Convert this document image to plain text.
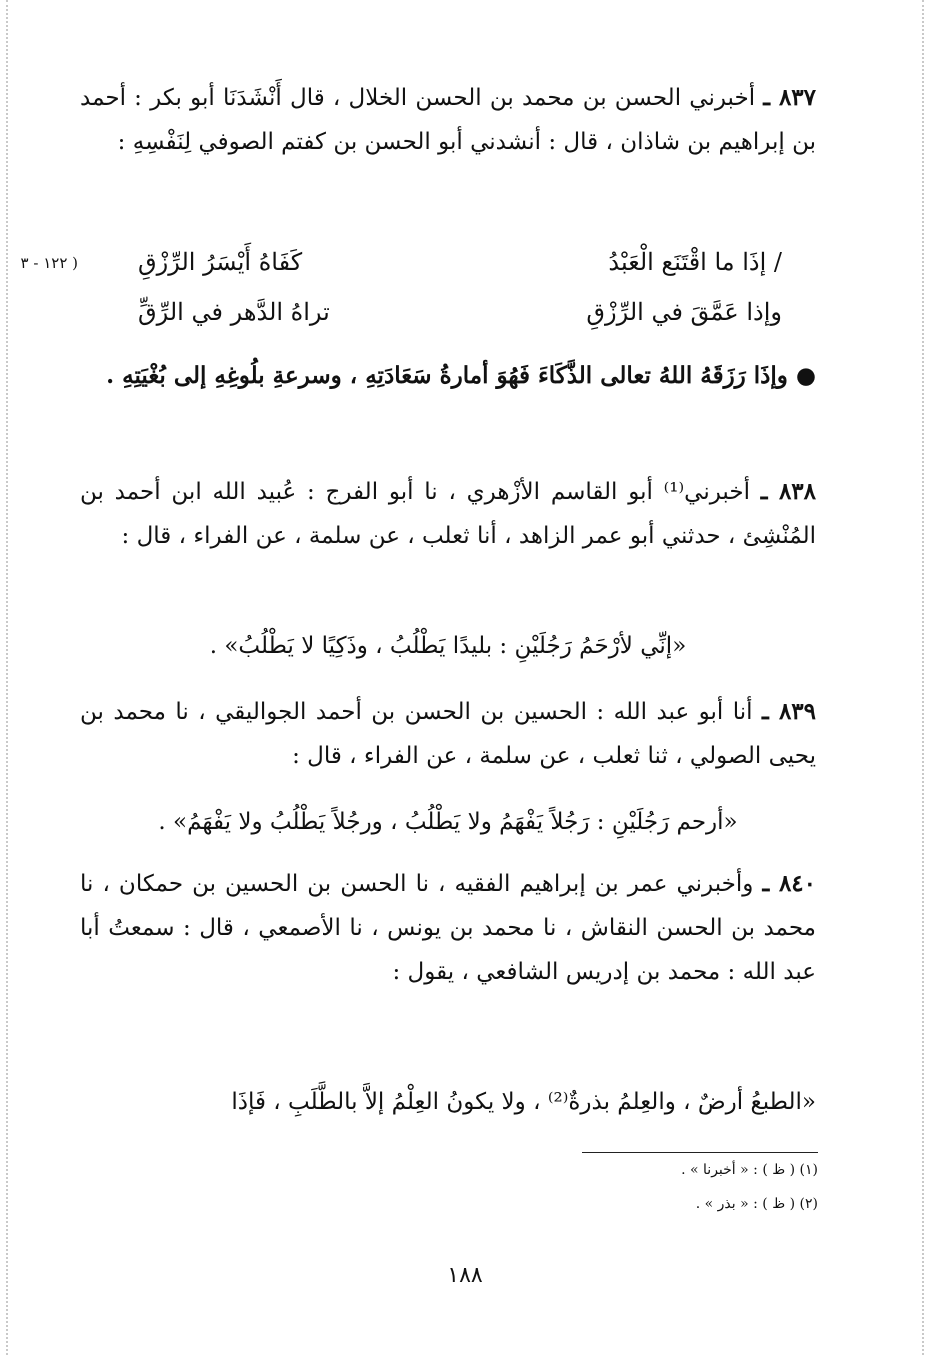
( ١٢٢ - ٣

٨٣٧ ـ أخبرني الحسن بن محمد بن الحسن الخلال ، قال أَنْشَدَنَا أبو بكر : أحمد بن إبراهيم بن شاذان ، قال : أنشدني أبو الحسن بن كفتم الصوفي لِنَفْسِهِ :

/ إذَا ما اقْتَنَع الْعَبْدُ
كَفَاهُ أَيْسَرُ الرِّزْقِ
وإذا عَمَّقَ في الرِّزْقِ
تراهُ الدَّهر في الرِّقِّ
● وإذَا رَزَقَهُ اللهُ تعالى الذَّكَاءَ فَهُوَ أمارةُ سَعَادَتِهِ ، وسرعةِ بلُوغِهِ إلى بُغْيَتِهِ .

٨٣٨ ـ أخبرني⁽¹⁾ أبو القاسم الأزْهري ، نا أبو الفرج : عُبيد الله ابن أحمد بن المُنْشِئ ، حدثني أبو عمر الزاهد ، أنا ثعلب ، عن سلمة ، عن الفراء ، قال :

«إنِّي لأرْحَمُ رَجُلَيْنِ : بليدًا يَطْلُبُ ، وذَكِيًا لا يَطْلُبُ» .

٨٣٩ ـ أنا أبو عبد الله : الحسين بن الحسن بن أحمد الجواليقي ، نا محمد بن يحيى الصولي ، ثنا ثعلب ، عن سلمة ، عن الفراء ، قال :

«أرحم رَجُلَيْنِ : رَجُلاً يَفْهَمُ ولا يَطْلُبُ ، ورجُلاً يَطْلُبُ ولا يَفْهَمُ» .

٨٤٠ ـ وأخبرني عمر بن إبراهيم الفقيه ، نا الحسن بن الحسين بن حمكان ، نا محمد بن الحسن النقاش ، نا محمد بن يونس ، نا الأصمعي ، قال : سمعتُ أبا عبد الله : محمد بن إدريس الشافعي ، يقول :

«الطبعُ أرضٌ ، والعِلمُ بذرةٌ⁽²⁾ ، ولا يكونُ العِلْمُ إلاَّ بالطَّلَبِ ، فَإذَا
(١) ( ظ ) : « أخبرنا » .
(٢) ( ظ ) : « بذر » .
١٨٨
